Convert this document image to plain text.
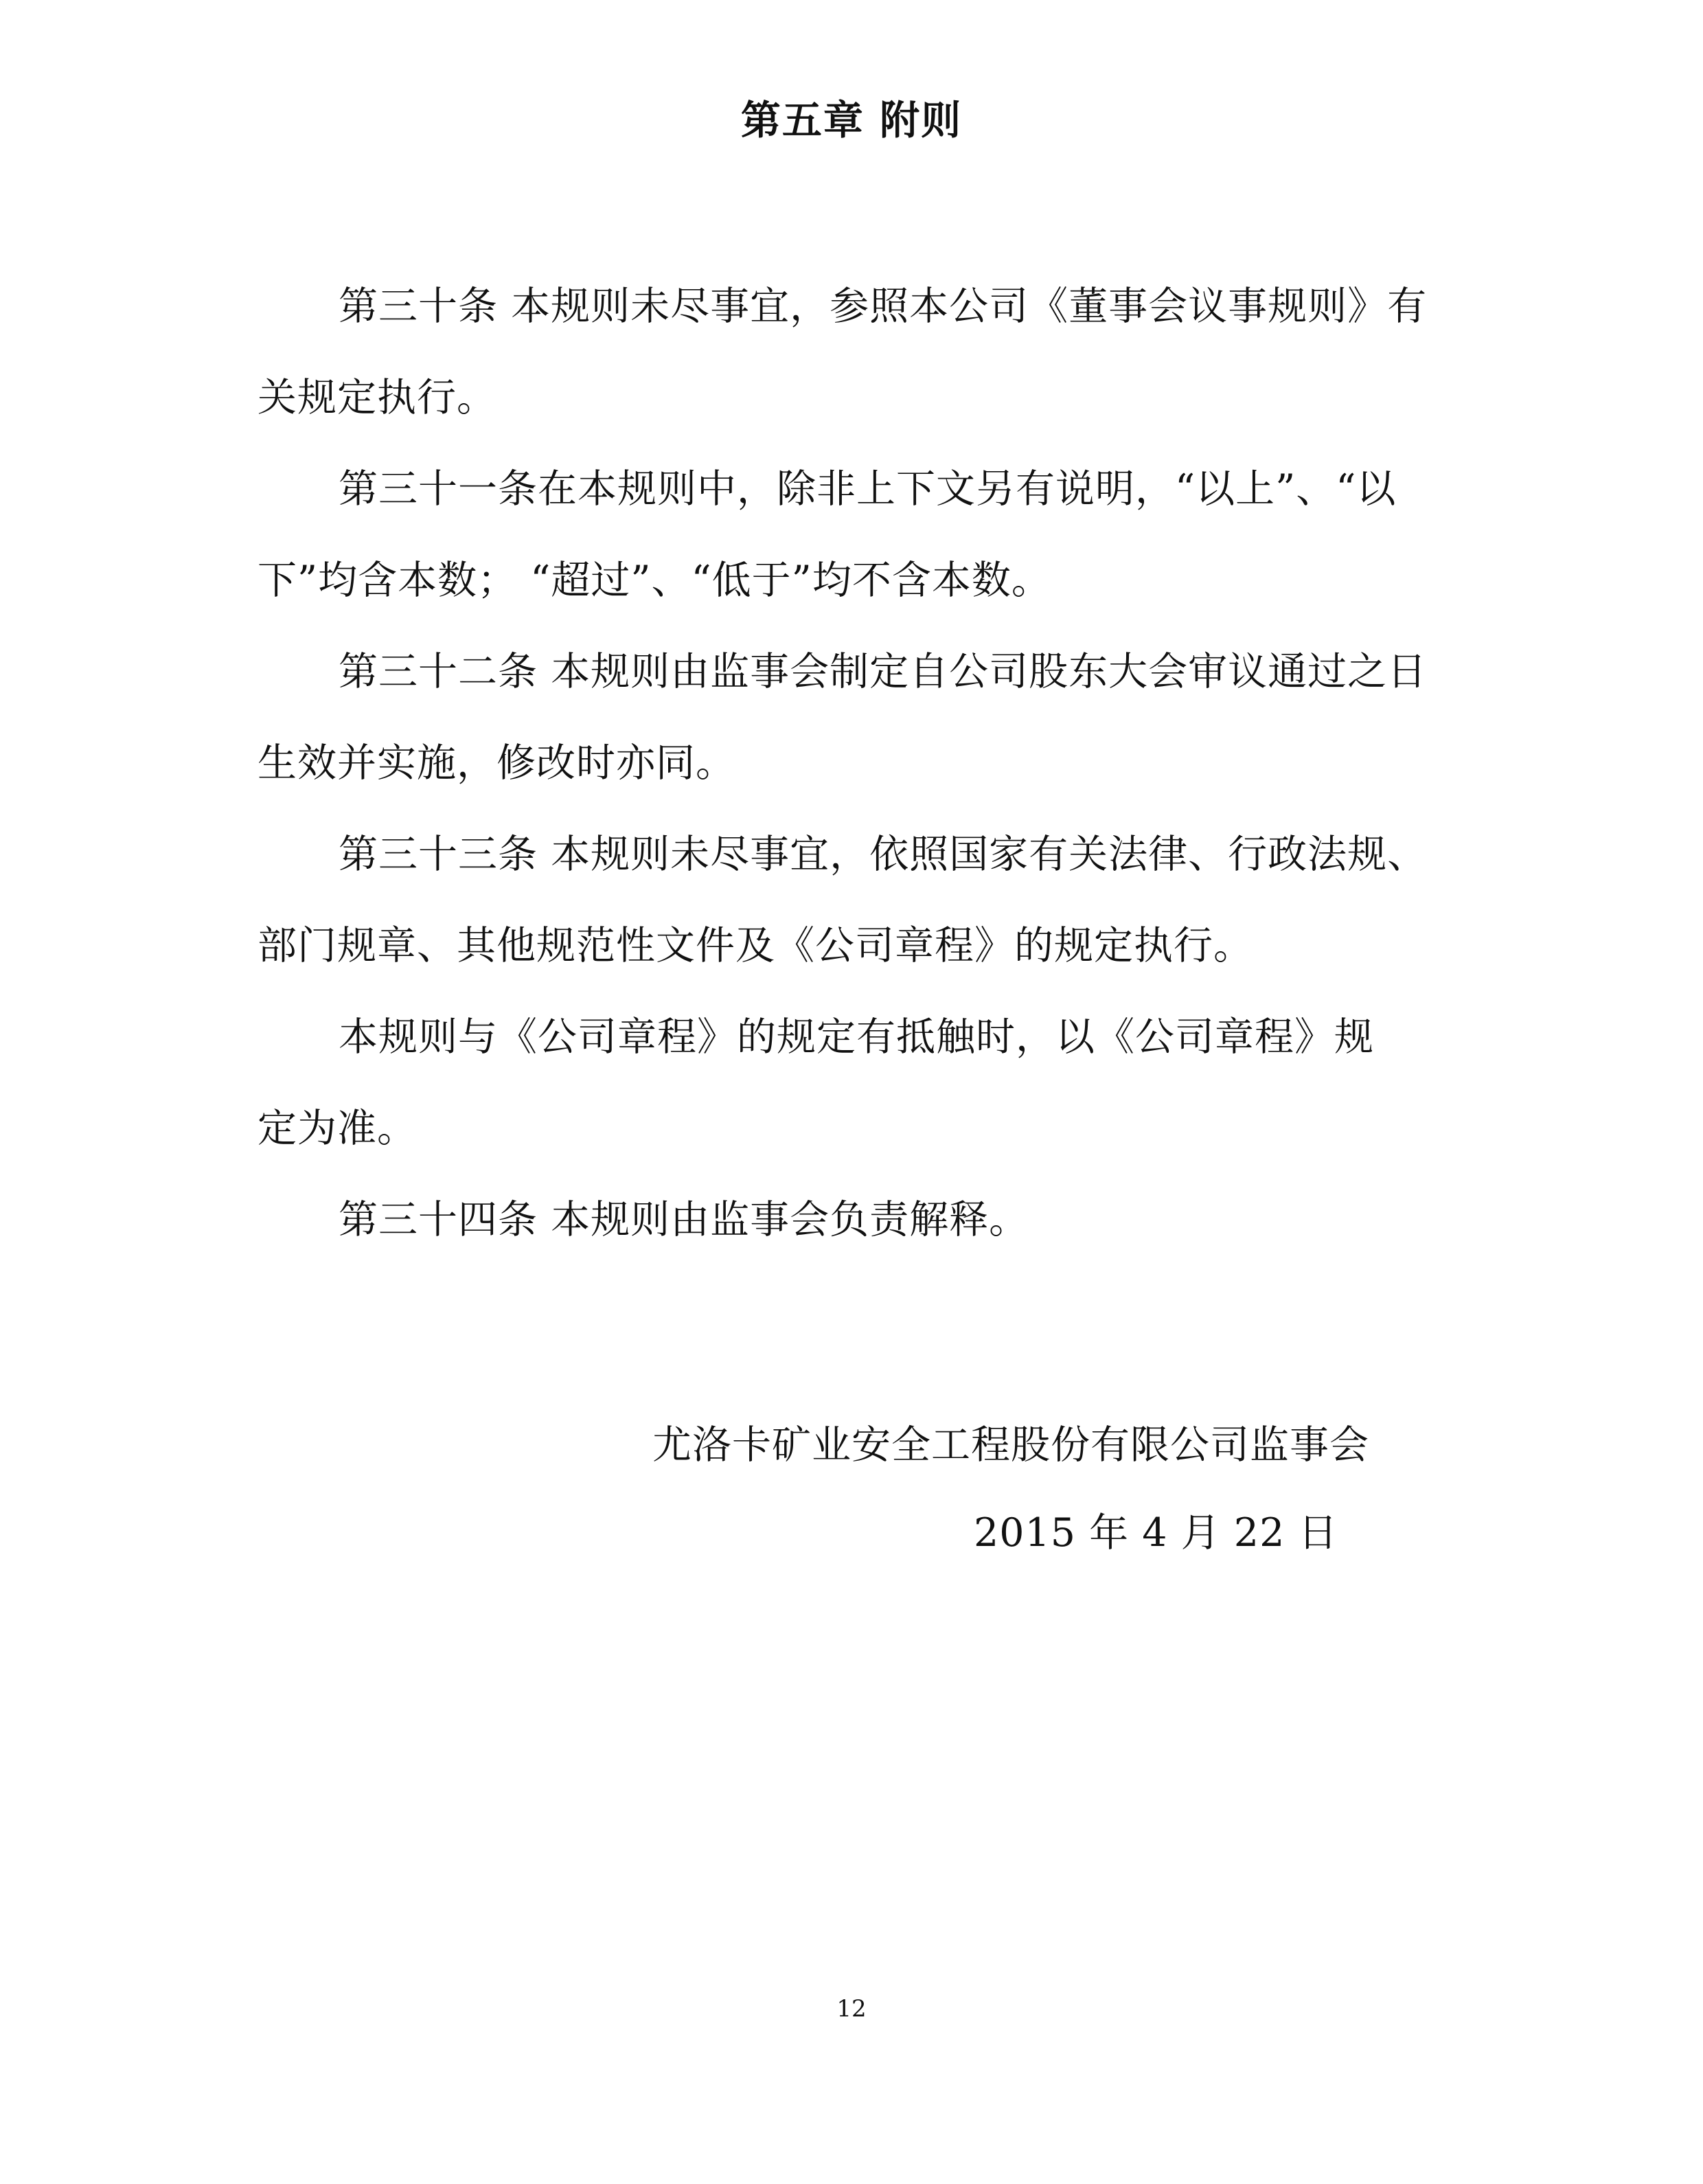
第五章 附则

第三十条 本规则未尽事宜，参照本公司《董事会议事规则》有关规定执行。

第三十一条在本规则中，除非上下文另有说明，“以上”、“以下”均含本数； “超过”、“低于”均不含本数。

第三十二条 本规则由监事会制定自公司股东大会审议通过之日生效并实施，修改时亦同。

第三十三条 本规则未尽事宜，依照国家有关法律、行政法规、部门规章、其他规范性文件及《公司章程》的规定执行。

本规则与《公司章程》的规定有抵触时，以《公司章程》规定为准。

第三十四条 本规则由监事会负责解释。

尤洛卡矿业安全工程股份有限公司监事会

2015 年 4 月 22 日

12
